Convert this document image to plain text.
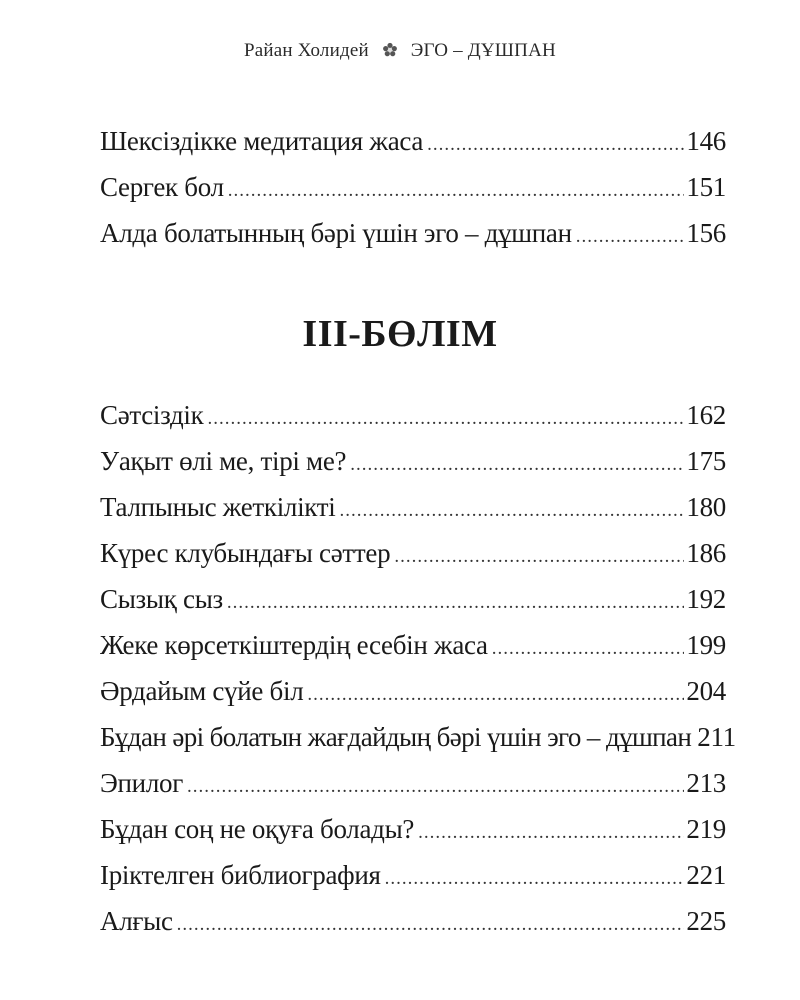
Райан Холидей ЭГО – ДҰШПАН
Шексіздікке медитация жаса .....	146
Сергек бол .....	151
Алда болатынның бәрі үшін эго – дұшпан .....	156
III-БӨЛІМ
Сәтсіздік .....	162
Уақыт өлі ме, тірі ме? .....	175
Талпыныс жеткілікті .....	180
Күрес клубындағы сәттер .....	186
Сызық сыз .....	192
Жеке көрсеткіштердің есебін жаса .....	199
Әрдайым сүйе біл .....	204
Бұдан әрі болатын жағдайдың бәрі үшін эго – дұшпан 211
Эпилог .....	213
Бұдан соң не оқуға болады? .....	219
Іріктелген библиография .....	221
Алғыс .....	225
